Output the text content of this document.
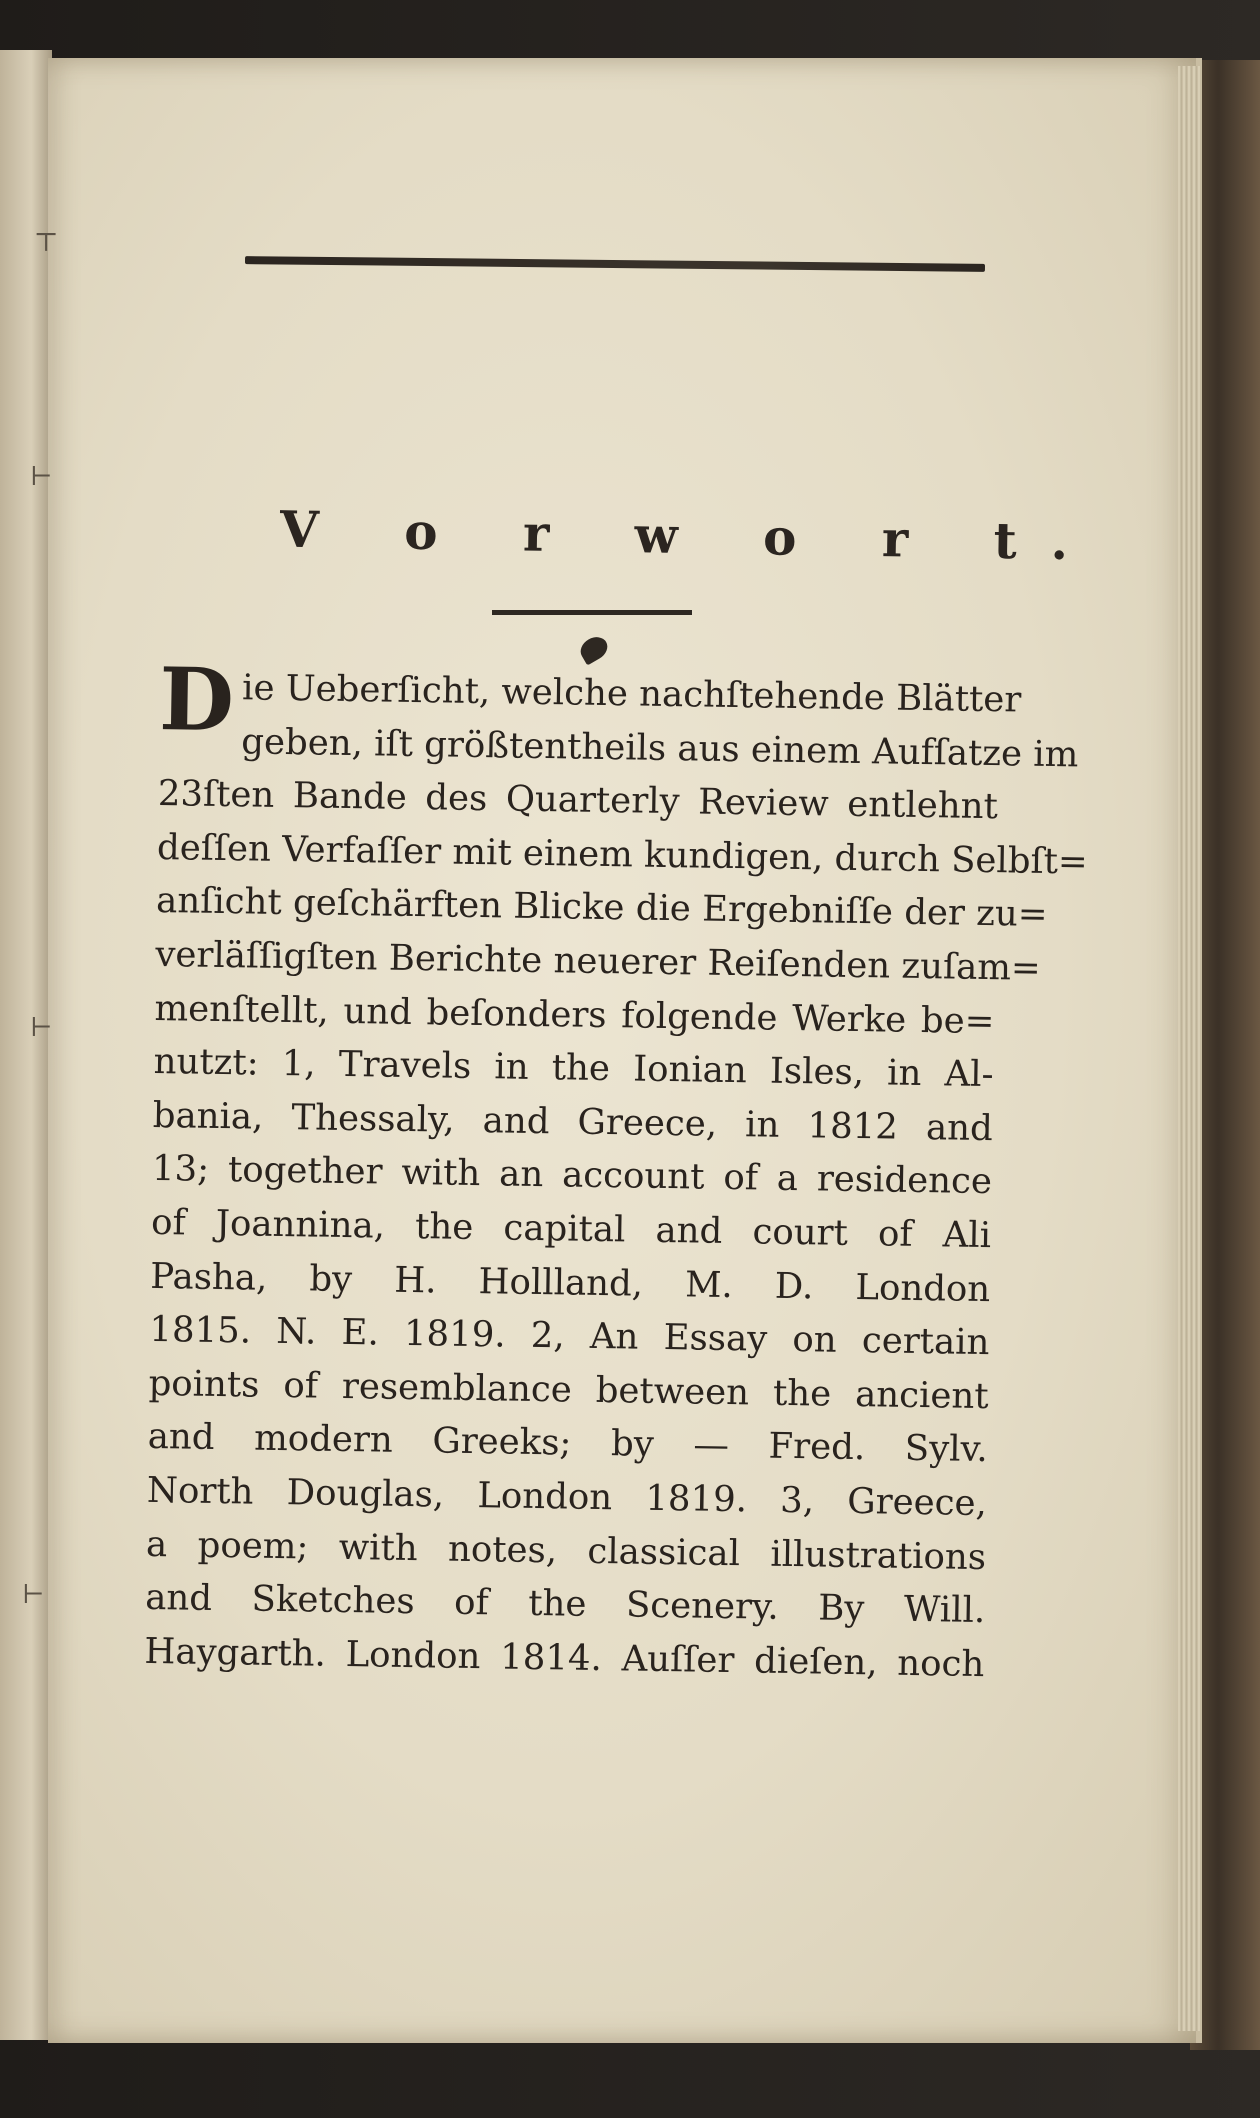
⊤
⊢
⊢
⊢
V o r w o r t.
Die Ueberſicht, welche nachſtehende Blätter
geben, iſt größtentheils aus einem Aufſatze im
23ſten Bande des Quarterly Review entlehnt
deſſen Verfaſſer mit einem kundigen, durch Selbſt=
anſicht geſchärften Blicke die Ergebniſſe der zu=
verläſſigſten Berichte neuerer Reiſenden zuſam=
menſtellt, und beſonders folgende Werke be=
nutzt: 1, Travels in the Ionian Isles, in Al-
bania, Thessaly, and Greece, in 1812 and
13; together with an account of a residence
of Joannina, the capital and court of Ali
Pasha, by H. Hollland, M. D. London
1815. N. E. 1819. 2, An Essay on certain
points of resemblance between the ancient
and modern Greeks; by — Fred. Sylv.
North Douglas, London 1819. 3, Greece,
a poem; with notes, classical illustrations
and Sketches of the Scenery. By Will.
Haygarth. London 1814. Auſſer dieſen, noch
